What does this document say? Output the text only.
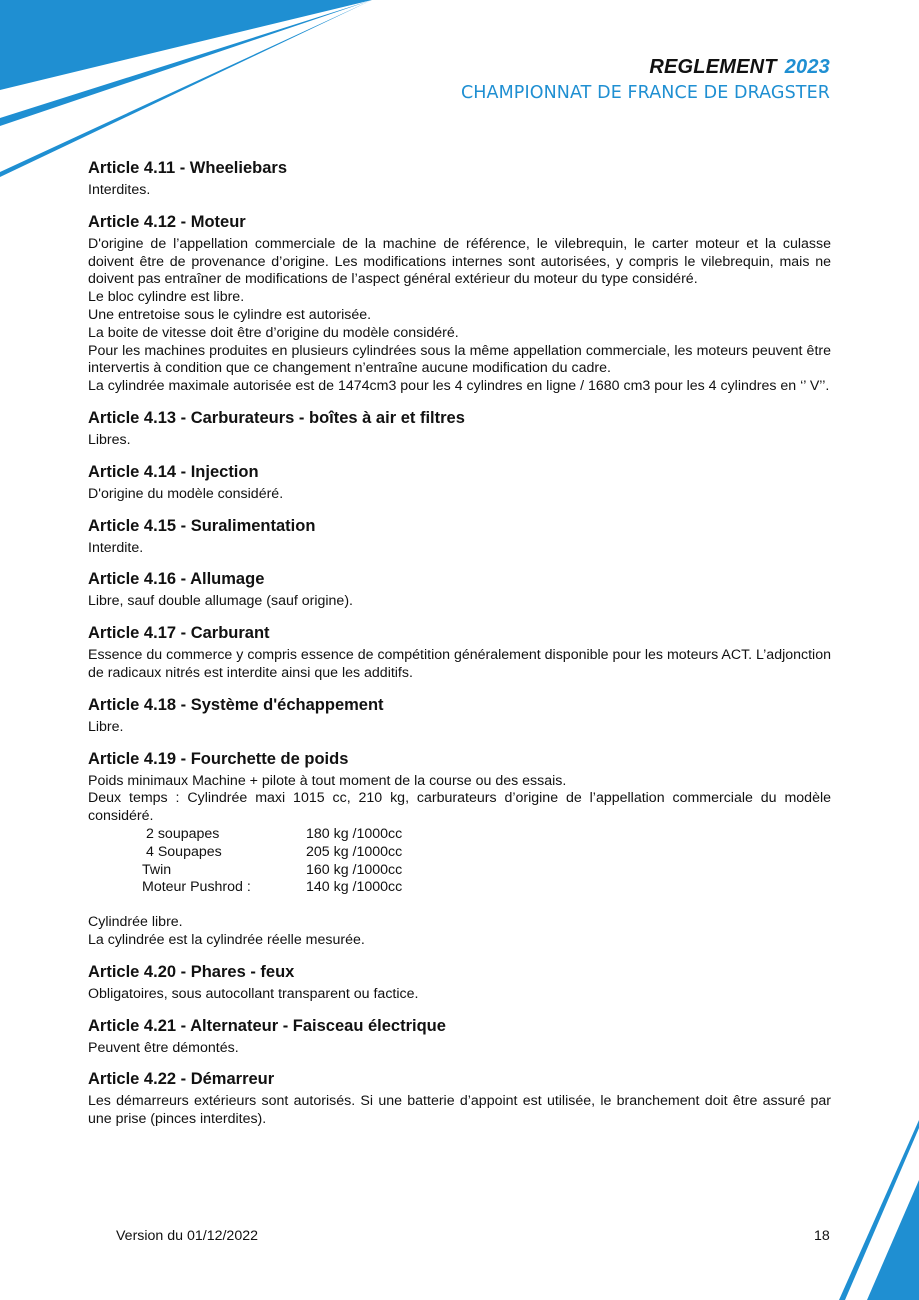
REGLEMENT 2023
CHAMPIONNAT DE FRANCE DE DRAGSTER
Article 4.11 - Wheeliebars

Interdites.

Article 4.12 - Moteur

D'origine de l’appellation commerciale de la machine de référence, le vilebrequin, le carter moteur et la culasse doivent être de provenance d’origine. Les modifications internes sont autorisées, y compris le vilebrequin, mais ne doivent pas entraîner de modifications de l’aspect général extérieur du moteur du type considéré.

Le bloc cylindre est libre.

Une entretoise sous le cylindre est autorisée.

La boite de vitesse doit être d’origine du modèle considéré.

Pour les machines produites en plusieurs cylindrées sous la même appellation commerciale, les moteurs peuvent être intervertis à condition que ce changement n’entraîne aucune modification du cadre.

La cylindrée maximale autorisée est de 1474cm3 pour les 4 cylindres en ligne / 1680 cm3 pour les 4 cylindres en ‘’ V’’.

Article 4.13 - Carburateurs - boîtes à air et filtres

Libres.

Article 4.14 - Injection

D'origine du modèle considéré.

Article 4.15 - Suralimentation

Interdite.

Article 4.16 - Allumage

Libre, sauf double allumage (sauf origine).

Article 4.17 - Carburant

Essence du commerce y compris essence de compétition généralement disponible pour les moteurs ACT. L’adjonction de radicaux nitrés est interdite ainsi que les additifs.

Article 4.18 - Système d'échappement

Libre.

Article 4.19 - Fourchette de poids

Poids minimaux Machine + pilote à tout moment de la course ou des essais.

Deux temps : Cylindrée maxi 1015 cc, 210 kg, carburateurs d’origine de l’appellation commerciale du modèle considéré.

2 soupapes	180 kg /1000cc
4 Soupapes	205 kg /1000cc
Twin	160 kg /1000cc
Moteur Pushrod :	140 kg /1000cc

Cylindrée libre.

La cylindrée est la cylindrée réelle mesurée.

Article 4.20 - Phares - feux

Obligatoires, sous autocollant transparent ou factice.

Article 4.21 - Alternateur - Faisceau électrique

Peuvent être démontés.

Article 4.22 - Démarreur

Les démarreurs extérieurs sont autorisés. Si une batterie d’appoint est utilisée, le branchement doit être assuré par une prise (pinces interdites).

Version du 01/12/2022	18
